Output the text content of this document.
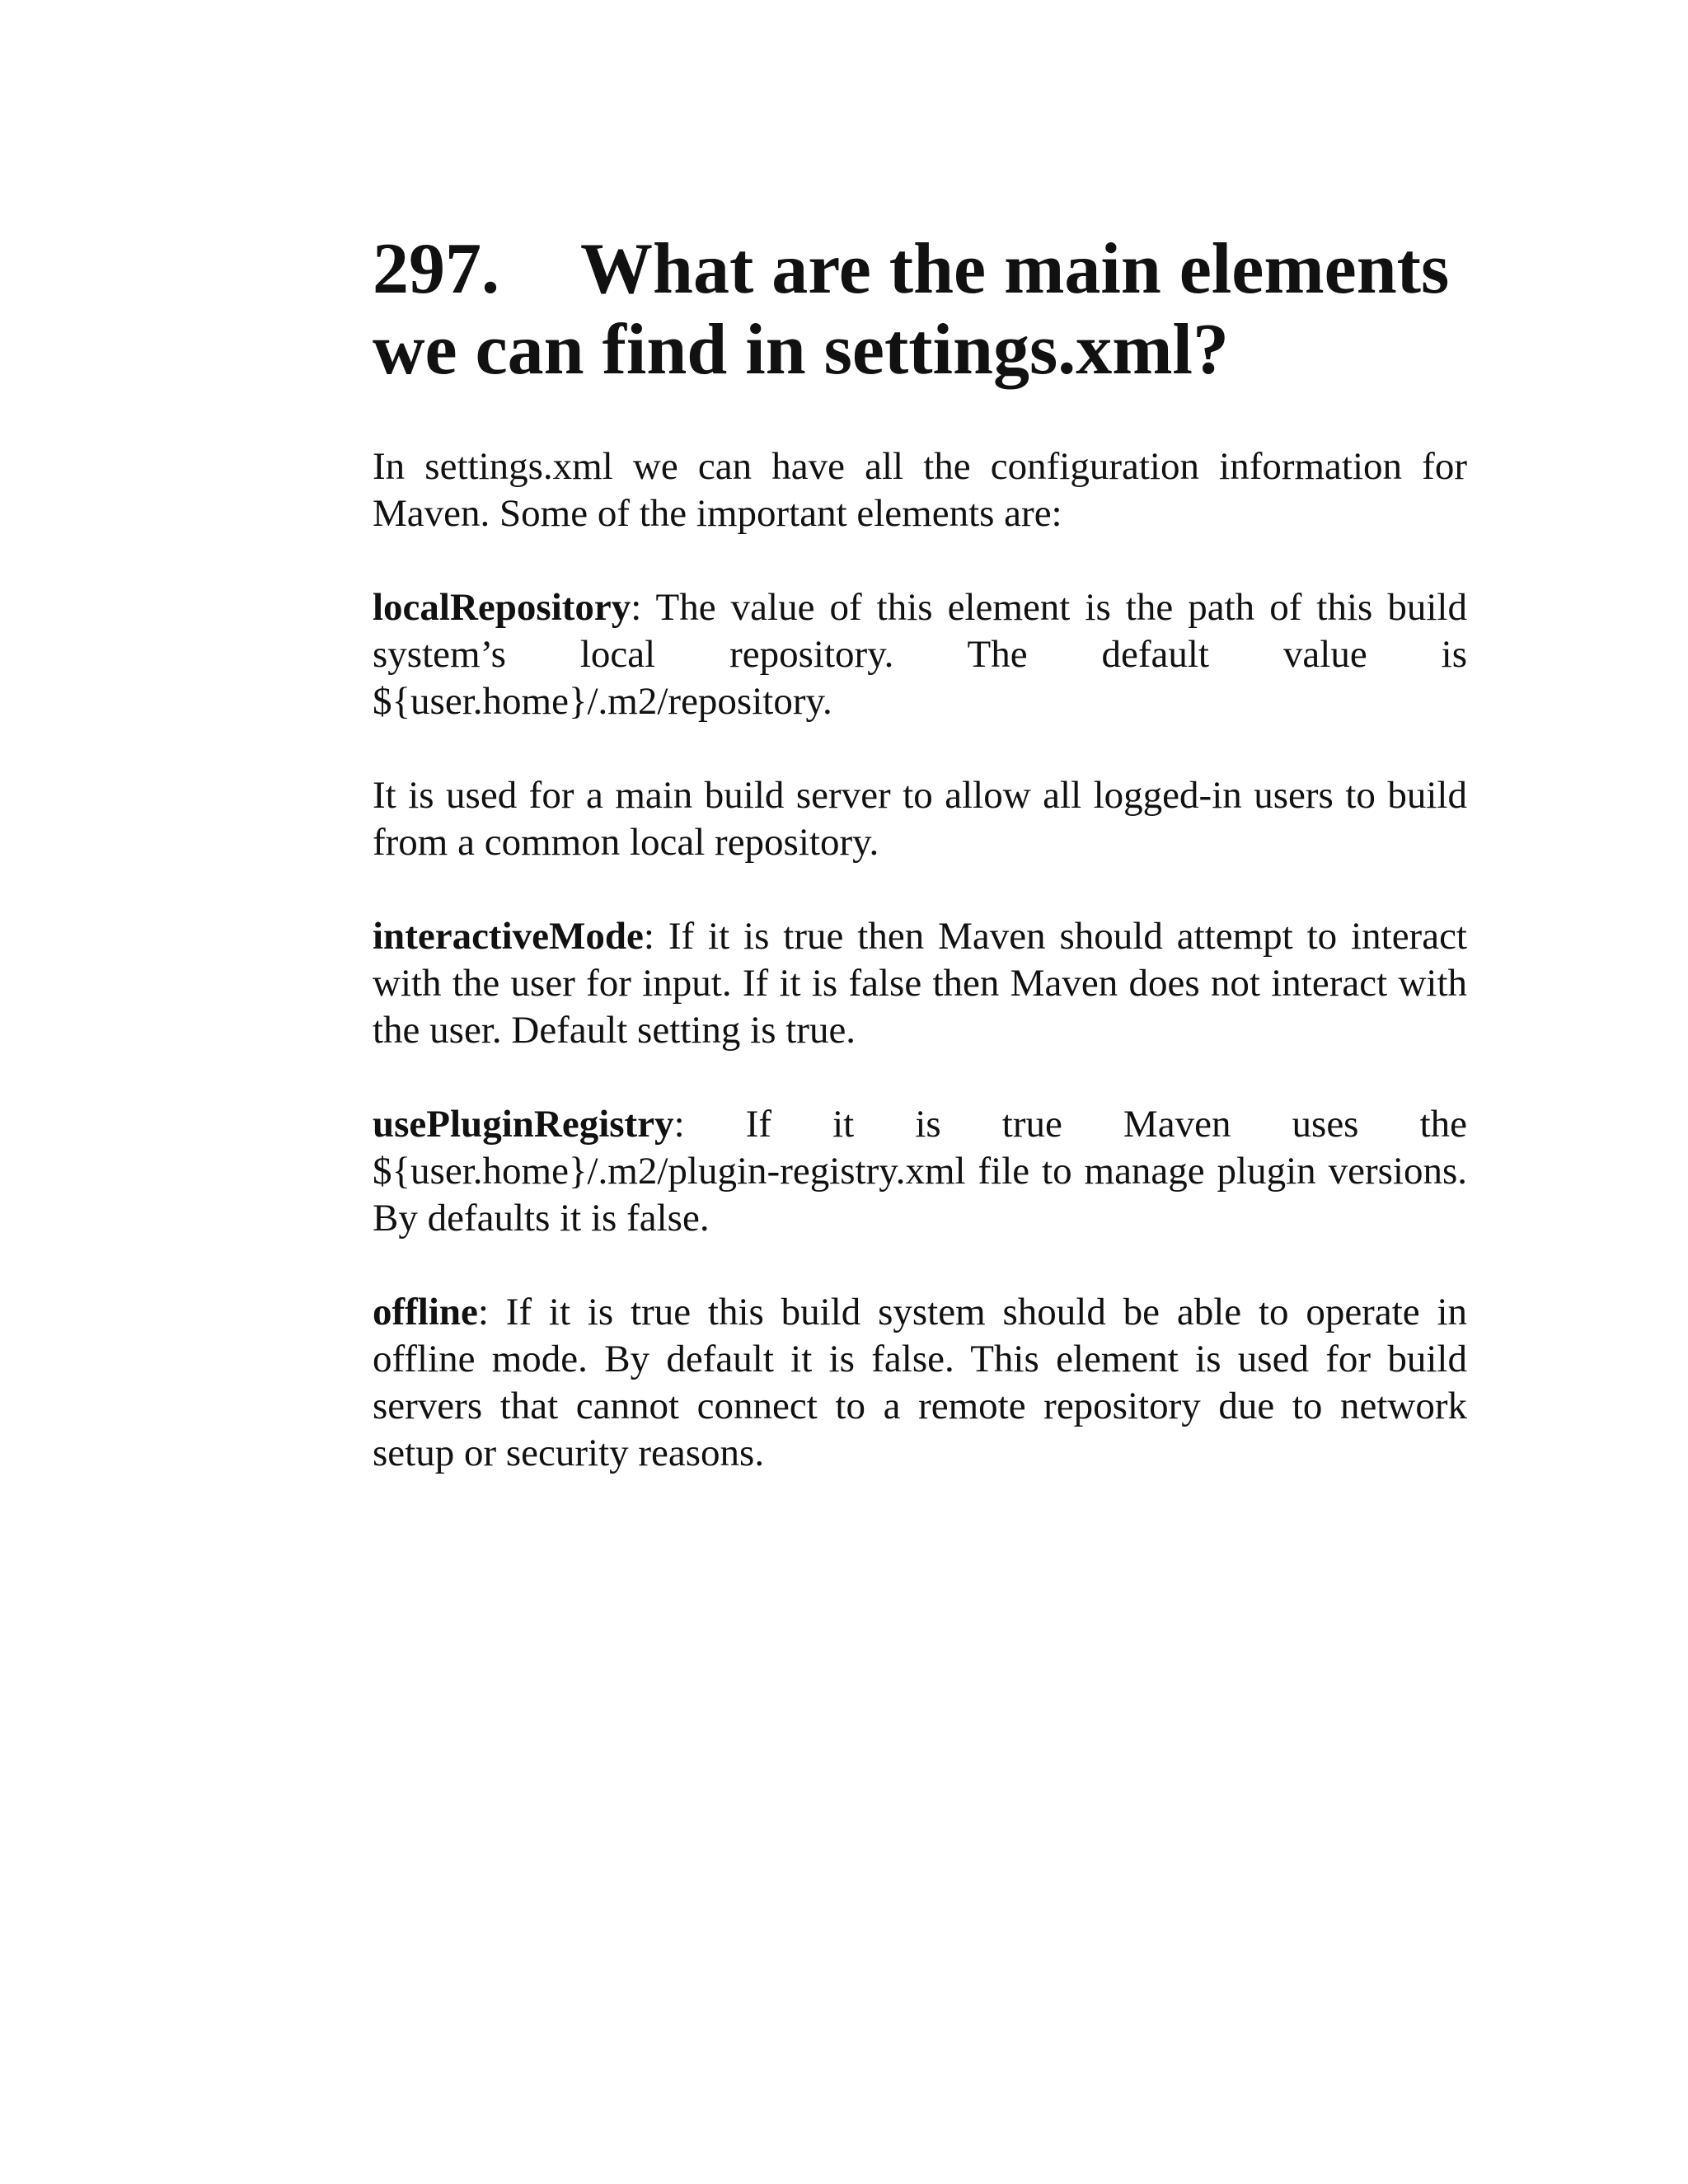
297. What are the main elements we can find in settings.xml?

In settings.xml we can have all the configuration information for Maven. Some of the important elements are:

localRepository: The value of this element is the path of this build system’s local repository. The default value is ${user.home}/.m2/repository.

It is used for a main build server to allow all logged-in users to build from a common local repository.

interactiveMode: If it is true then Maven should attempt to interact with the user for input. If it is false then Maven does not interact with the user. Default setting is true.

usePluginRegistry: If it is true Maven uses the ${user.home}/.m2/plugin-registry.xml file to manage plugin versions. By defaults it is false.

offline: If it is true this build system should be able to operate in offline mode. By default it is false. This element is used for build servers that cannot connect to a remote repository due to network setup or security reasons.
